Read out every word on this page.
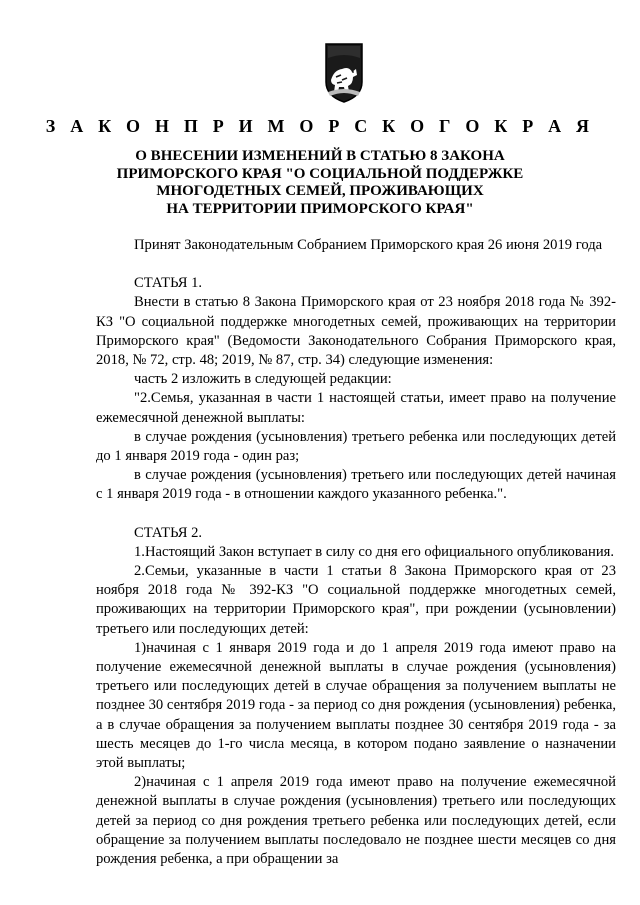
З А К О Н П Р И М О Р С К О Г О К Р А Я
О ВНЕСЕНИИ ИЗМЕНЕНИЙ В СТАТЬЮ 8 ЗАКОНА
ПРИМОРСКОГО КРАЯ "О СОЦИАЛЬНОЙ ПОДДЕРЖКЕ
МНОГОДЕТНЫХ СЕМЕЙ, ПРОЖИВАЮЩИХ
НА ТЕРРИТОРИИ ПРИМОРСКОГО КРАЯ"

Принят Законодательным Собранием Приморского края 26 июня 2019 года

СТАТЬЯ 1.

Внести в статью 8 Закона Приморского края от 23 ноября 2018 года № 392-КЗ "О социальной поддержке многодетных семей, проживающих на территории Приморского края" (Ведомости Законодательного Собрания Приморского края, 2018, № 72, стр. 48; 2019, № 87, стр. 34) следующие изменения:

часть 2 изложить в следующей редакции:

"2.Семья, указанная в части 1 настоящей статьи, имеет право на получение ежемесячной денежной выплаты:

в случае рождения (усыновления) третьего ребенка или последующих детей до 1 января 2019 года - один раз;

в случае рождения (усыновления) третьего или последующих детей начиная с 1 января 2019 года - в отношении каждого указанного ребенка.".

СТАТЬЯ 2.

1.Настоящий Закон вступает в силу со дня его официального опубликования.

2.Семьи, указанные в части 1 статьи 8 Закона Приморского края от 23 ноября 2018 года № 392-КЗ "О социальной поддержке многодетных семей, проживающих на территории Приморского края", при рождении (усыновлении) третьего или последующих детей:

1)начиная с 1 января 2019 года и до 1 апреля 2019 года имеют право на получение ежемесячной денежной выплаты в случае рождения (усыновления) третьего или последующих детей в случае обращения за получением выплаты не позднее 30 сентября 2019 года - за период со дня рождения (усыновления) ребенка, а в случае обращения за получением выплаты позднее 30 сентября 2019 года - за шесть месяцев до 1-го числа месяца, в котором подано заявление о назначении этой выплаты;

2)начиная с 1 апреля 2019 года имеют право на получение ежемесячной денежной выплаты в случае рождения (усыновления) третьего или последующих детей за период со дня рождения третьего ребенка или последующих детей, если обращение за получением выплаты последовало не позднее шести месяцев со дня рождения ребенка, а при обращении за
